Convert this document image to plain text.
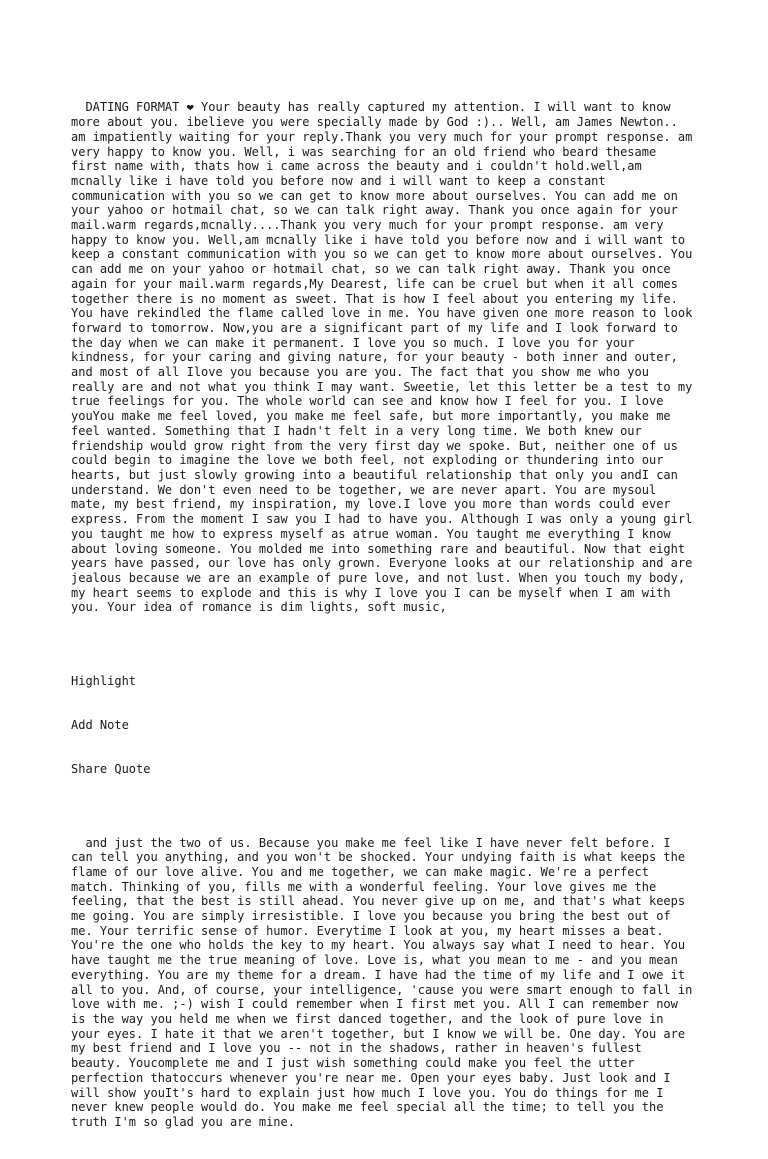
DATING FORMAT ❤ Your beauty has really captured my attention. I will want to know more about you. ibelieve you were specially made by God :).. Well, am James Newton.. am impatiently waiting for your reply.Thank you very much for your prompt response. am very happy to know you. Well, i was searching for an old friend who beard thesame first name with, thats how i came across the beauty and i couldn't hold.well,am mcnally like i have told you before now and i will want to keep a constant communication with you so we can get to know more about ourselves. You can add me on your yahoo or hotmail chat, so we can talk right away. Thank you once again for your mail.warm regards,mcnally....Thank you very much for your prompt response. am very happy to know you. Well,am mcnally like i have told you before now and i will want to keep a constant communication with you so we can get to know more about ourselves. You can add me on your yahoo or hotmail chat, so we can talk right away. Thank you once again for your mail.warm regards,My Dearest, life can be cruel but when it all comes together there is no moment as sweet. That is how I feel about you entering my life. You have rekindled the flame called love in me. You have given one more reason to look forward to tomorrow. Now,you are a significant part of my life and I look forward to the day when we can make it permanent. I love you so much. I love you for your kindness, for your caring and giving nature, for your beauty - both inner and outer, and most of all Ilove you because you are you. The fact that you show me who you really are and not what you think I may want. Sweetie, let this letter be a test to my true feelings for you. The whole world can see and know how I feel for you. I love youYou make me feel loved, you make me feel safe, but more importantly, you make me feel wanted. Something that I hadn't felt in a very long time. We both knew our friendship would grow right from the very first day we spoke. But, neither one of us could begin to imagine the love we both feel, not exploding or thundering into our hearts, but just slowly growing into a beautiful relationship that only you andI can understand. We don't even need to be together, we are never apart. You are mysoul mate, my best friend, my inspiration, my love.I love you more than words could ever express. From the moment I saw you I had to have you. Although I was only a young girl you taught me how to express myself as atrue woman. You taught me everything I know about loving someone. You molded me into something rare and beautiful. Now that eight years have passed, our love has only grown. Everyone looks at our relationship and are jealous because we are an example of pure love, and not lust. When you touch my body, my heart seems to explode and this is why I love you I can be myself when I am with you. Your idea of romance is dim lights, soft music,

Highlight

Add Note

Share Quote

and just the two of us. Because you make me feel like I have never felt before. I can tell you anything, and you won't be shocked. Your undying faith is what keeps the flame of our love alive. You and me together, we can make magic. We're a perfect match. Thinking of you, fills me with a wonderful feeling. Your love gives me the feeling, that the best is still ahead. You never give up on me, and that's what keeps me going. You are simply irresistible. I love you because you bring the best out of me. Your terrific sense of humor. Everytime I look at you, my heart misses a beat. You're the one who holds the key to my heart. You always say what I need to hear. You have taught me the true meaning of love. Love is, what you mean to me - and you mean everything. You are my theme for a dream. I have had the time of my life and I owe it all to you. And, of course, your intelligence, 'cause you were smart enough to fall in love with me. ;-) wish I could remember when I first met you. All I can remember now is the way you held me when we first danced together, and the look of pure love in your eyes. I hate it that we aren't together, but I know we will be. One day. You are my best friend and I love you -- not in the shadows, rather in heaven's fullest beauty. Youcomplete me and I just wish something could make you feel the utter perfection thatoccurs whenever you're near me. Open your eyes baby. Just look and I will show youIt's hard to explain just how much I love you. You do things for me I never knew people would do. You make me feel special all the time; to tell you the truth I'm so glad you are mine.
